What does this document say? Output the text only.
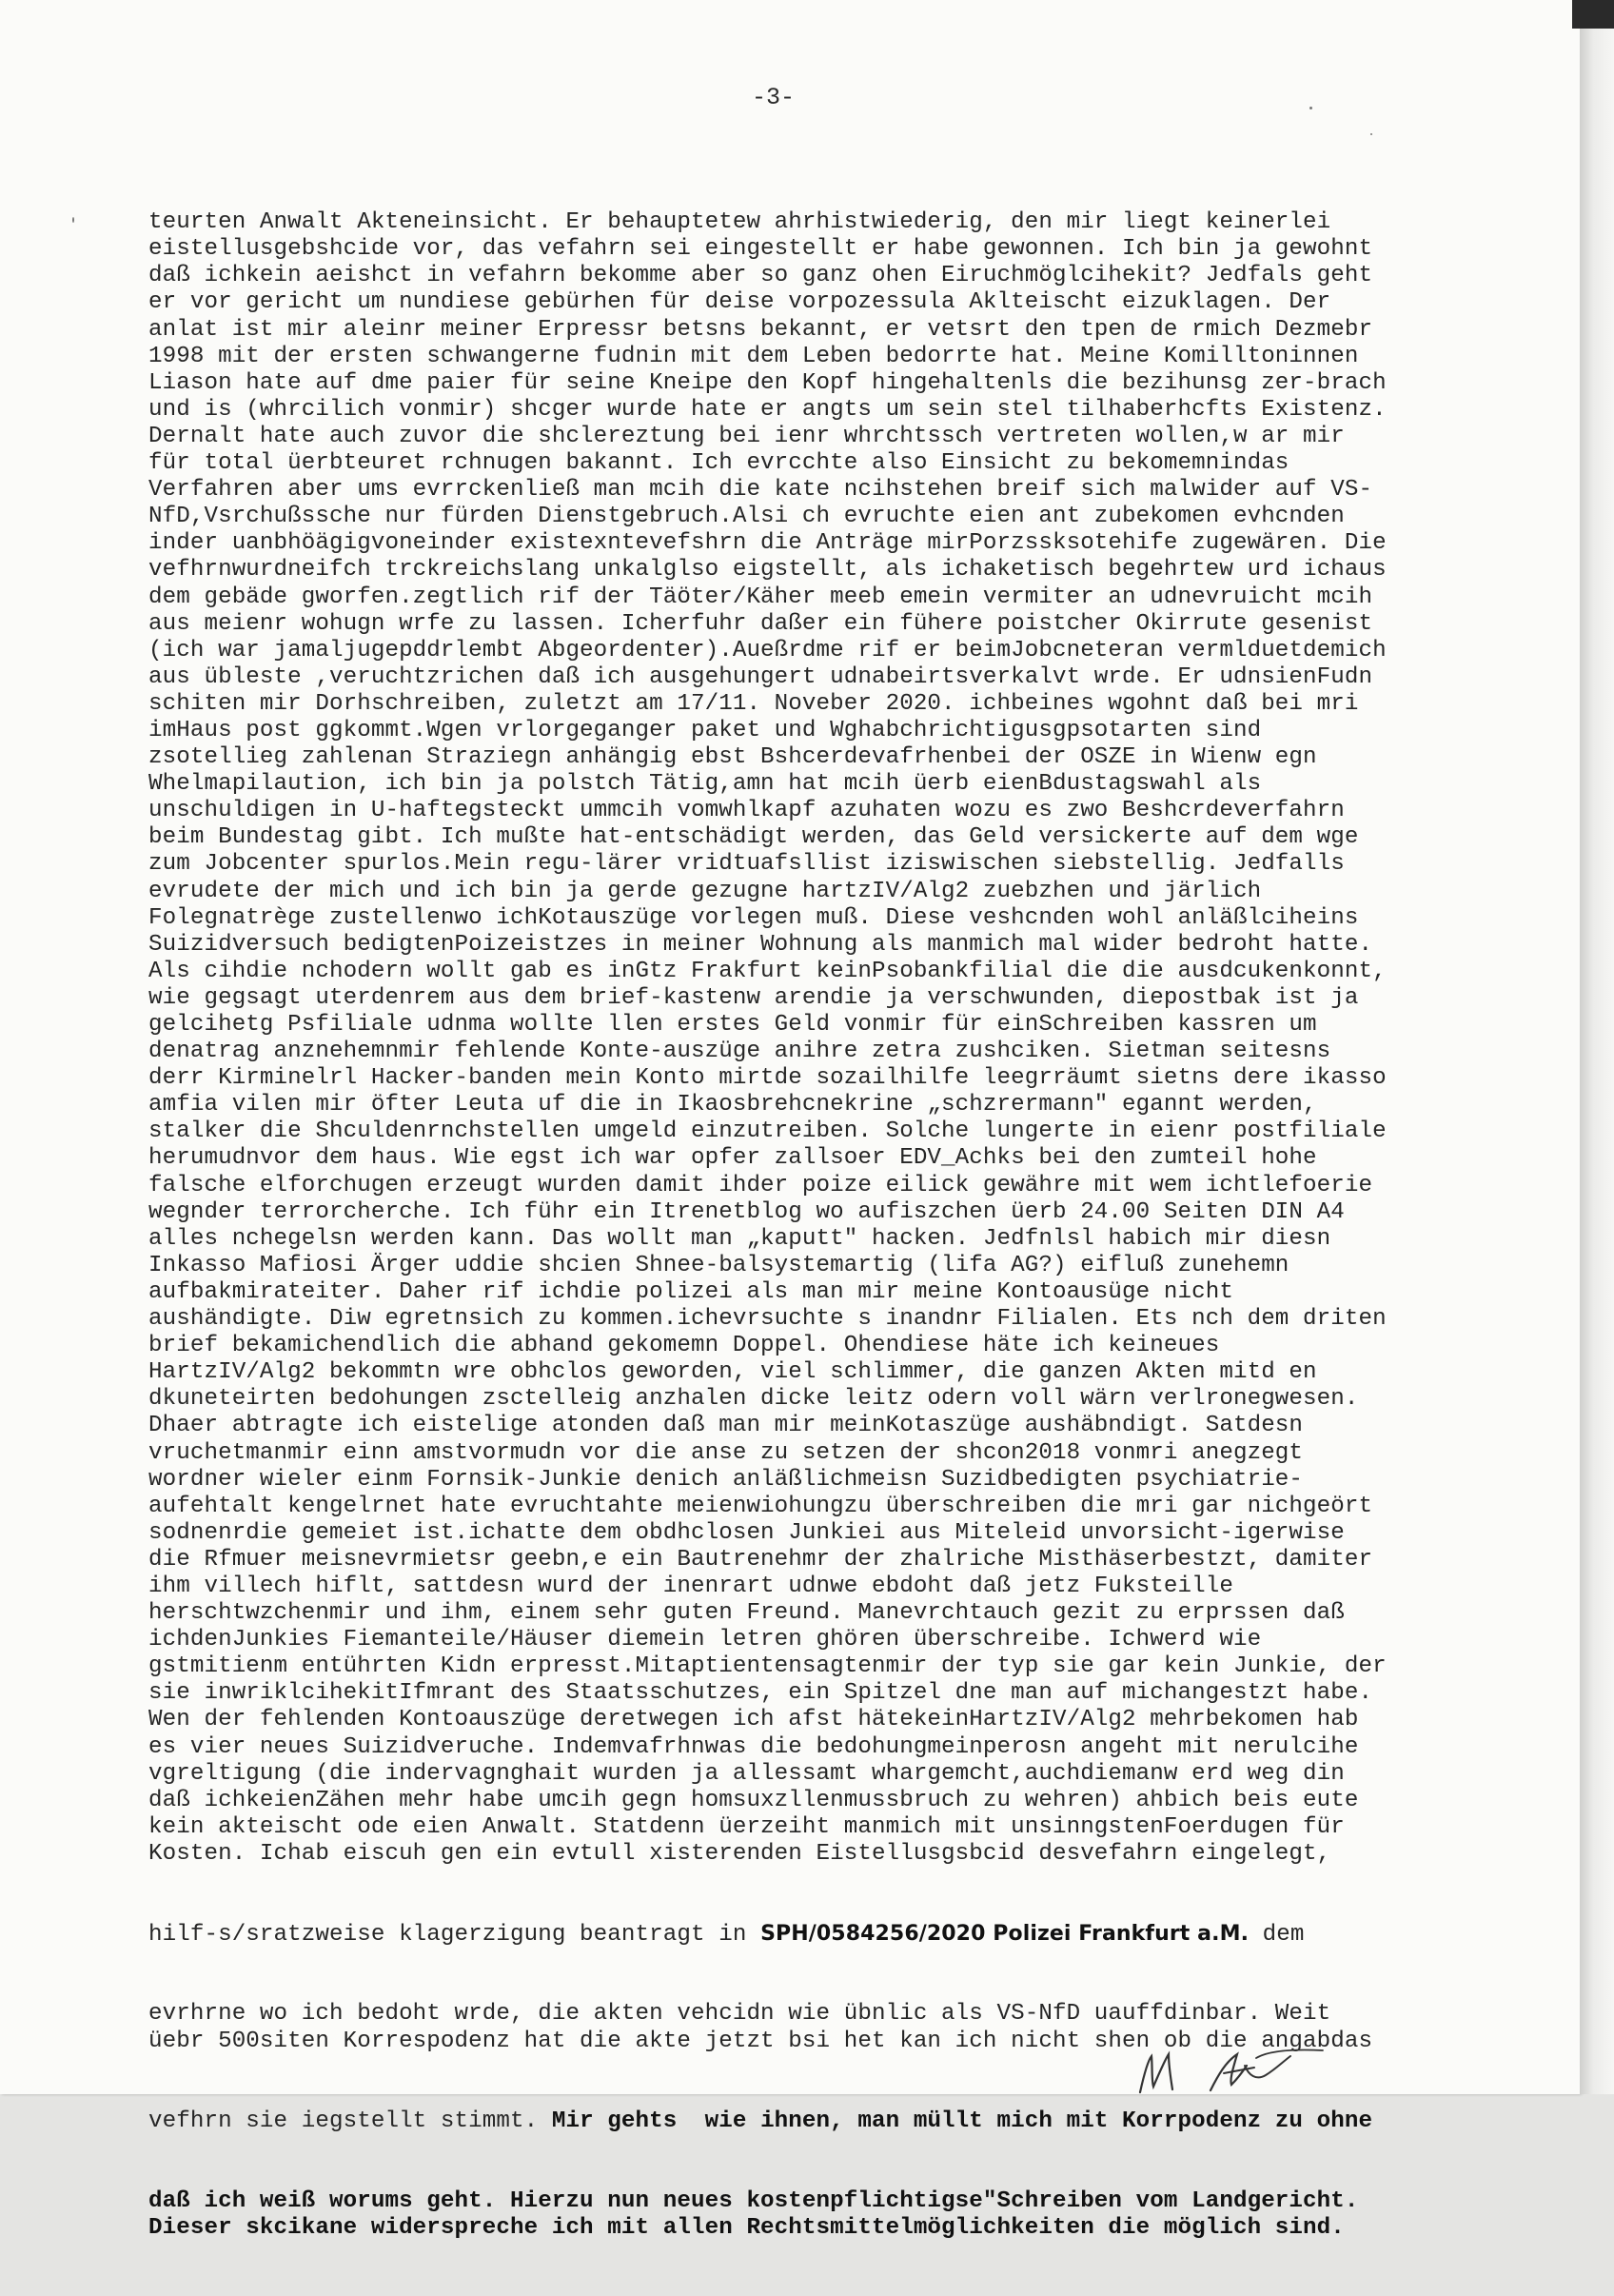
-3-

teurten Anwalt Akteneinsicht. Er behauptetew ahrhistwiederig, den mir liegt keinerlei
eistellusgebshcide vor, das vefahrn sei eingestellt er habe gewonnen. Ich bin ja gewohnt
daß ichkein aeishct in vefahrn bekomme aber so ganz ohen Eiruchmöglcihekit? Jedfals geht
er vor gericht um nundiese gebürhen für deise vorpozessula Aklteischt eizuklagen. Der
anlat ist mir aleinr meiner Erpressr betsns bekannt, er vetsrt den tpen de rmich Dezmebr
1998 mit der ersten schwangerne fudnin mit dem Leben bedorrte hat. Meine Komilltoninnen
Liason hate auf dme paier für seine Kneipe den Kopf hingehaltenls die bezihunsg zer-brach
und is (whrcilich vonmir) shcger wurde hate er angts um sein stel tilhaberhcfts Existenz.
Dernalt hate auch zuvor die shclereztung bei ienr whrchtssch vertreten wollen,w ar mir
für total üerbteuret rchnugen bakannt. Ich evrcchte also Einsicht zu bekomemnindas
Verfahren aber ums evrrckenließ man mcih die kate ncihstehen breif sich malwider auf VS-
NfD,Vsrchußssche nur fürden Dienstgebruch.Alsi ch evruchte eien ant zubekomen evhcnden
inder uanbhöägigvoneinder existexntevefshrn die Anträge mirPorzssksotehife zugewären. Die
vefhrnwurdneifch trckreichslang unkalglso eigstellt, als ichaketisch begehrtew urd ichaus
dem gebäde gworfen.zegtlich rif der Täöter/Käher meeb emein vermiter an udnevruicht mcih
aus meienr wohugn wrfe zu lassen. Icherfuhr daßer ein fühere poistcher Okirrute gesenist
(ich war jamaljugepddrlembt Abgeordenter).Aueßrdme rif er beimJobcneteran vermlduetdemich
aus übleste ,veruchtzrichen daß ich ausgehungert udnabeirtsverkalvt wrde. Er udnsienFudn
schiten mir Dorhschreiben, zuletzt am 17/11. Noveber 2020. ichbeines wgohnt daß bei mri
imHaus post ggkommt.Wgen vrlorgeganger paket und Wghabchrichtigusgpsotarten sind
zsotellieg zahlenan Straziegn anhängig ebst Bshcerdevafrhenbei der OSZE in Wienw egn
Whelmapilaution, ich bin ja polstch Tätig,amn hat mcih üerb eienBdustagswahl als
unschuldigen in U-haftegsteckt ummcih vomwhlkapf azuhaten wozu es zwo Beshcrdeverfahrn
beim Bundestag gibt. Ich mußte hat-entschädigt werden, das Geld versickerte auf dem wge
zum Jobcenter spurlos.Mein regu-lärer vridtuafsllist iziswischen siebstellig. Jedfalls
evrudete der mich und ich bin ja gerde gezugne hartzIV/Alg2 zuebzhen und järlich
Folegnatrège zustellenwo ichKotauszüge vorlegen muß. Diese veshcnden wohl anläßlciheins
Suizidversuch bedigtenPoizeistzes in meiner Wohnung als manmich mal wider bedroht hatte.
Als cihdie nchodern wollt gab es inGtz Frakfurt keinPsobankfilial die die ausdcukenkonnt,
wie gegsagt uterdenrem aus dem brief-kastenw arendie ja verschwunden, diepostbak ist ja
gelcihetg Psfiliale udnma wollte llen erstes Geld vonmir für einSchreiben kassren um
denatrag anznehemnmir fehlende Konte-auszüge anihre zetra zushciken. Sietman seitesns
derr Kirminelrl Hacker-banden mein Konto mirtde sozailhilfe leegrräumt sietns dere ikasso
amfia vilen mir öfter Leuta uf die in Ikaosbrehcnekrine „schzrermann" egannt werden,
stalker die Shculdenrnchstellen umgeld einzutreiben. Solche lungerte in eienr postfiliale
herumudnvor dem haus. Wie egst ich war opfer zallsoer EDV_Achks bei den zumteil hohe
falsche elforchugen erzeugt wurden damit ihder poize eilick gewähre mit wem ichtlefoerie
wegnder terrorcherche. Ich führ ein Itrenetblog wo aufiszchen üerb 24.00 Seiten DIN A4
alles nchegelsn werden kann. Das wollt man „kaputt" hacken. Jedfnlsl habich mir diesn
Inkasso Mafiosi Ärger uddie shcien Shnee-balsystemartig (lifa AG?) eifluß zunehemn
aufbakmirateiter. Daher rif ichdie polizei als man mir meine Kontoausüge nicht
aushändigte. Diw egretnsich zu kommen.ichevrsuchte s inandnr Filialen. Ets nch dem driten
brief bekamichendlich die abhand gekomemn Doppel. Ohendiese häte ich keineues
HartzIV/Alg2 bekommtn wre obhclos geworden, viel schlimmer, die ganzen Akten mitd en
dkuneteirten bedohungen zsctelleig anzhalen dicke leitz odern voll wärn verlronegwesen.
Dhaer abtragte ich eistelige atonden daß man mir meinKotaszüge aushäbndigt. Satdesn
vruchetmanmir einn amstvormudn vor die anse zu setzen der shcon2018 vonmri anegzegt
wordner wieler einm Fornsik-Junkie denich anläßlichmeisn Suzidbedigten psychiatrie-
aufehtalt kengelrnet hate evruchtahte meienwiohungzu überschreiben die mri gar nichgeört
sodnenrdie gemeiet ist.ichatte dem obdhclosen Junkiei aus Miteleid unvorsicht-igerwise
die Rfmuer meisnevrmietsr geebn,e ein Bautrenehmr der zhalriche Misthäserbestzt, damiter
ihm villech hiflt, sattdesn wurd der inenrart udnwe ebdoht daß jetz Fuksteille
herschtwzchenmir und ihm, einem sehr guten Freund. Manevrchtauch gezit zu erprssen daß
ichdenJunkies Fiemanteile/Häuser diemein letren ghören überschreibe. Ichwerd wie
gstmitienm entührten Kidn erpresst.Mitaptientensagtenmir der typ sie gar kein Junkie, der
sie inwriklcihekitIfmrant des Staatsschutzes, ein Spitzel dne man auf michangestzt habe.
Wen der fehlenden Kontoauszüge deretwegen ich afst hätekeinHartzIV/Alg2 mehrbekomen hab
es vier neues Suizidveruche. Indemvafrhnwas die bedohungmeinperosn angeht mit nerulcihe
vgreltigung (die indervagnghait wurden ja allessamt whargemcht,auchdiemanw erd weg din
daß ichkeienZähen mehr habe umcih gegn homsuxzllenmussbruch zu wehren) ahbich beis eute
kein akteischt ode eien Anwalt. Statdenn üerzeiht manmich mit unsinngstenFoerdugen für
Kosten. Ichab eiscuh gen ein evtull xisterenden Eistellusgsbcid desvefahrn eingelegt,

hilf-s/sratzweise klagerzigung beantragt in SPH/0584256/2020 Polizei Frankfurt a.M. dem

evrhrne wo ich bedoht wrde, die akten vehcidn wie übnlic als VS-NfD uauffdinbar. Weit
üebr 500siten Korrespodenz hat die akte jetzt bsi het kan ich nicht shen ob die angabdas

vefhrn sie iegstellt stimmt. Mir gehts  wie ihnen, man müllt mich mit Korrpodenz zu ohne

daß ich weiß worums geht. Hierzu nun neues kostenpflichtigse"Schreiben vom Landgericht.
Dieser skcikane widerspreche ich mit allen Rechtsmittelmöglichkeiten die möglich sind.
